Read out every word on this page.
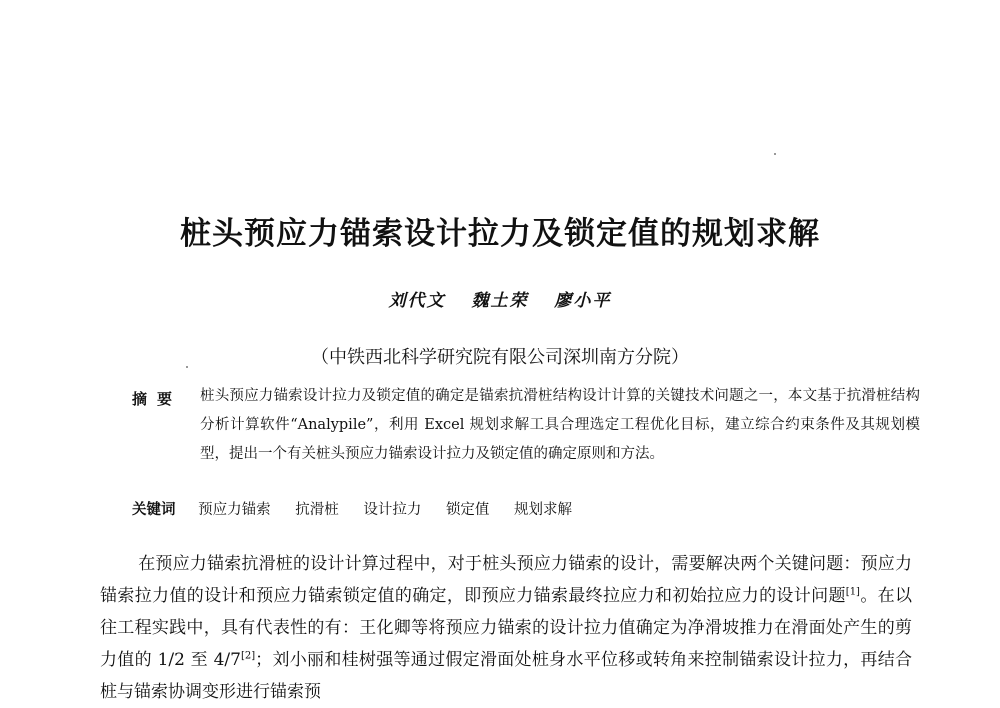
桩头预应力锚索设计拉力及锁定值的规划求解
刘代文 魏土荣 廖小平
（中铁西北科学研究院有限公司深圳南方分院）
摘要 桩头预应力锚索设计拉力及锁定值的确定是锚索抗滑桩结构设计计算的关键技术问题之一，本文基于抗滑桩结构分析计算软件“Analypile”，利用 Excel 规划求解工具合理选定工程优化目标，建立综合约束条件及其规划模型，提出一个有关桩头预应力锚索设计拉力及锁定值的确定原则和方法。
关键词 预应力锚索 抗滑桩 设计拉力 锁定值 规划求解
在预应力锚索抗滑桩的设计计算过程中，对于桩头预应力锚索的设计，需要解决两个关键问题：预应力锚索拉力值的设计和预应力锚索锁定值的确定，即预应力锚索最终拉应力和初始拉应力的设计问题[1]。在以往工程实践中，具有代表性的有：王化卿等将预应力锚索的设计拉力值确定为净滑坡推力在滑面处产生的剪力值的 1/2 至 4/7[2]；刘小丽和桂树强等通过假定滑面处桩身水平位移或转角来控制锚索设计拉力，再结合桩与锚索协调变形进行锚索预
